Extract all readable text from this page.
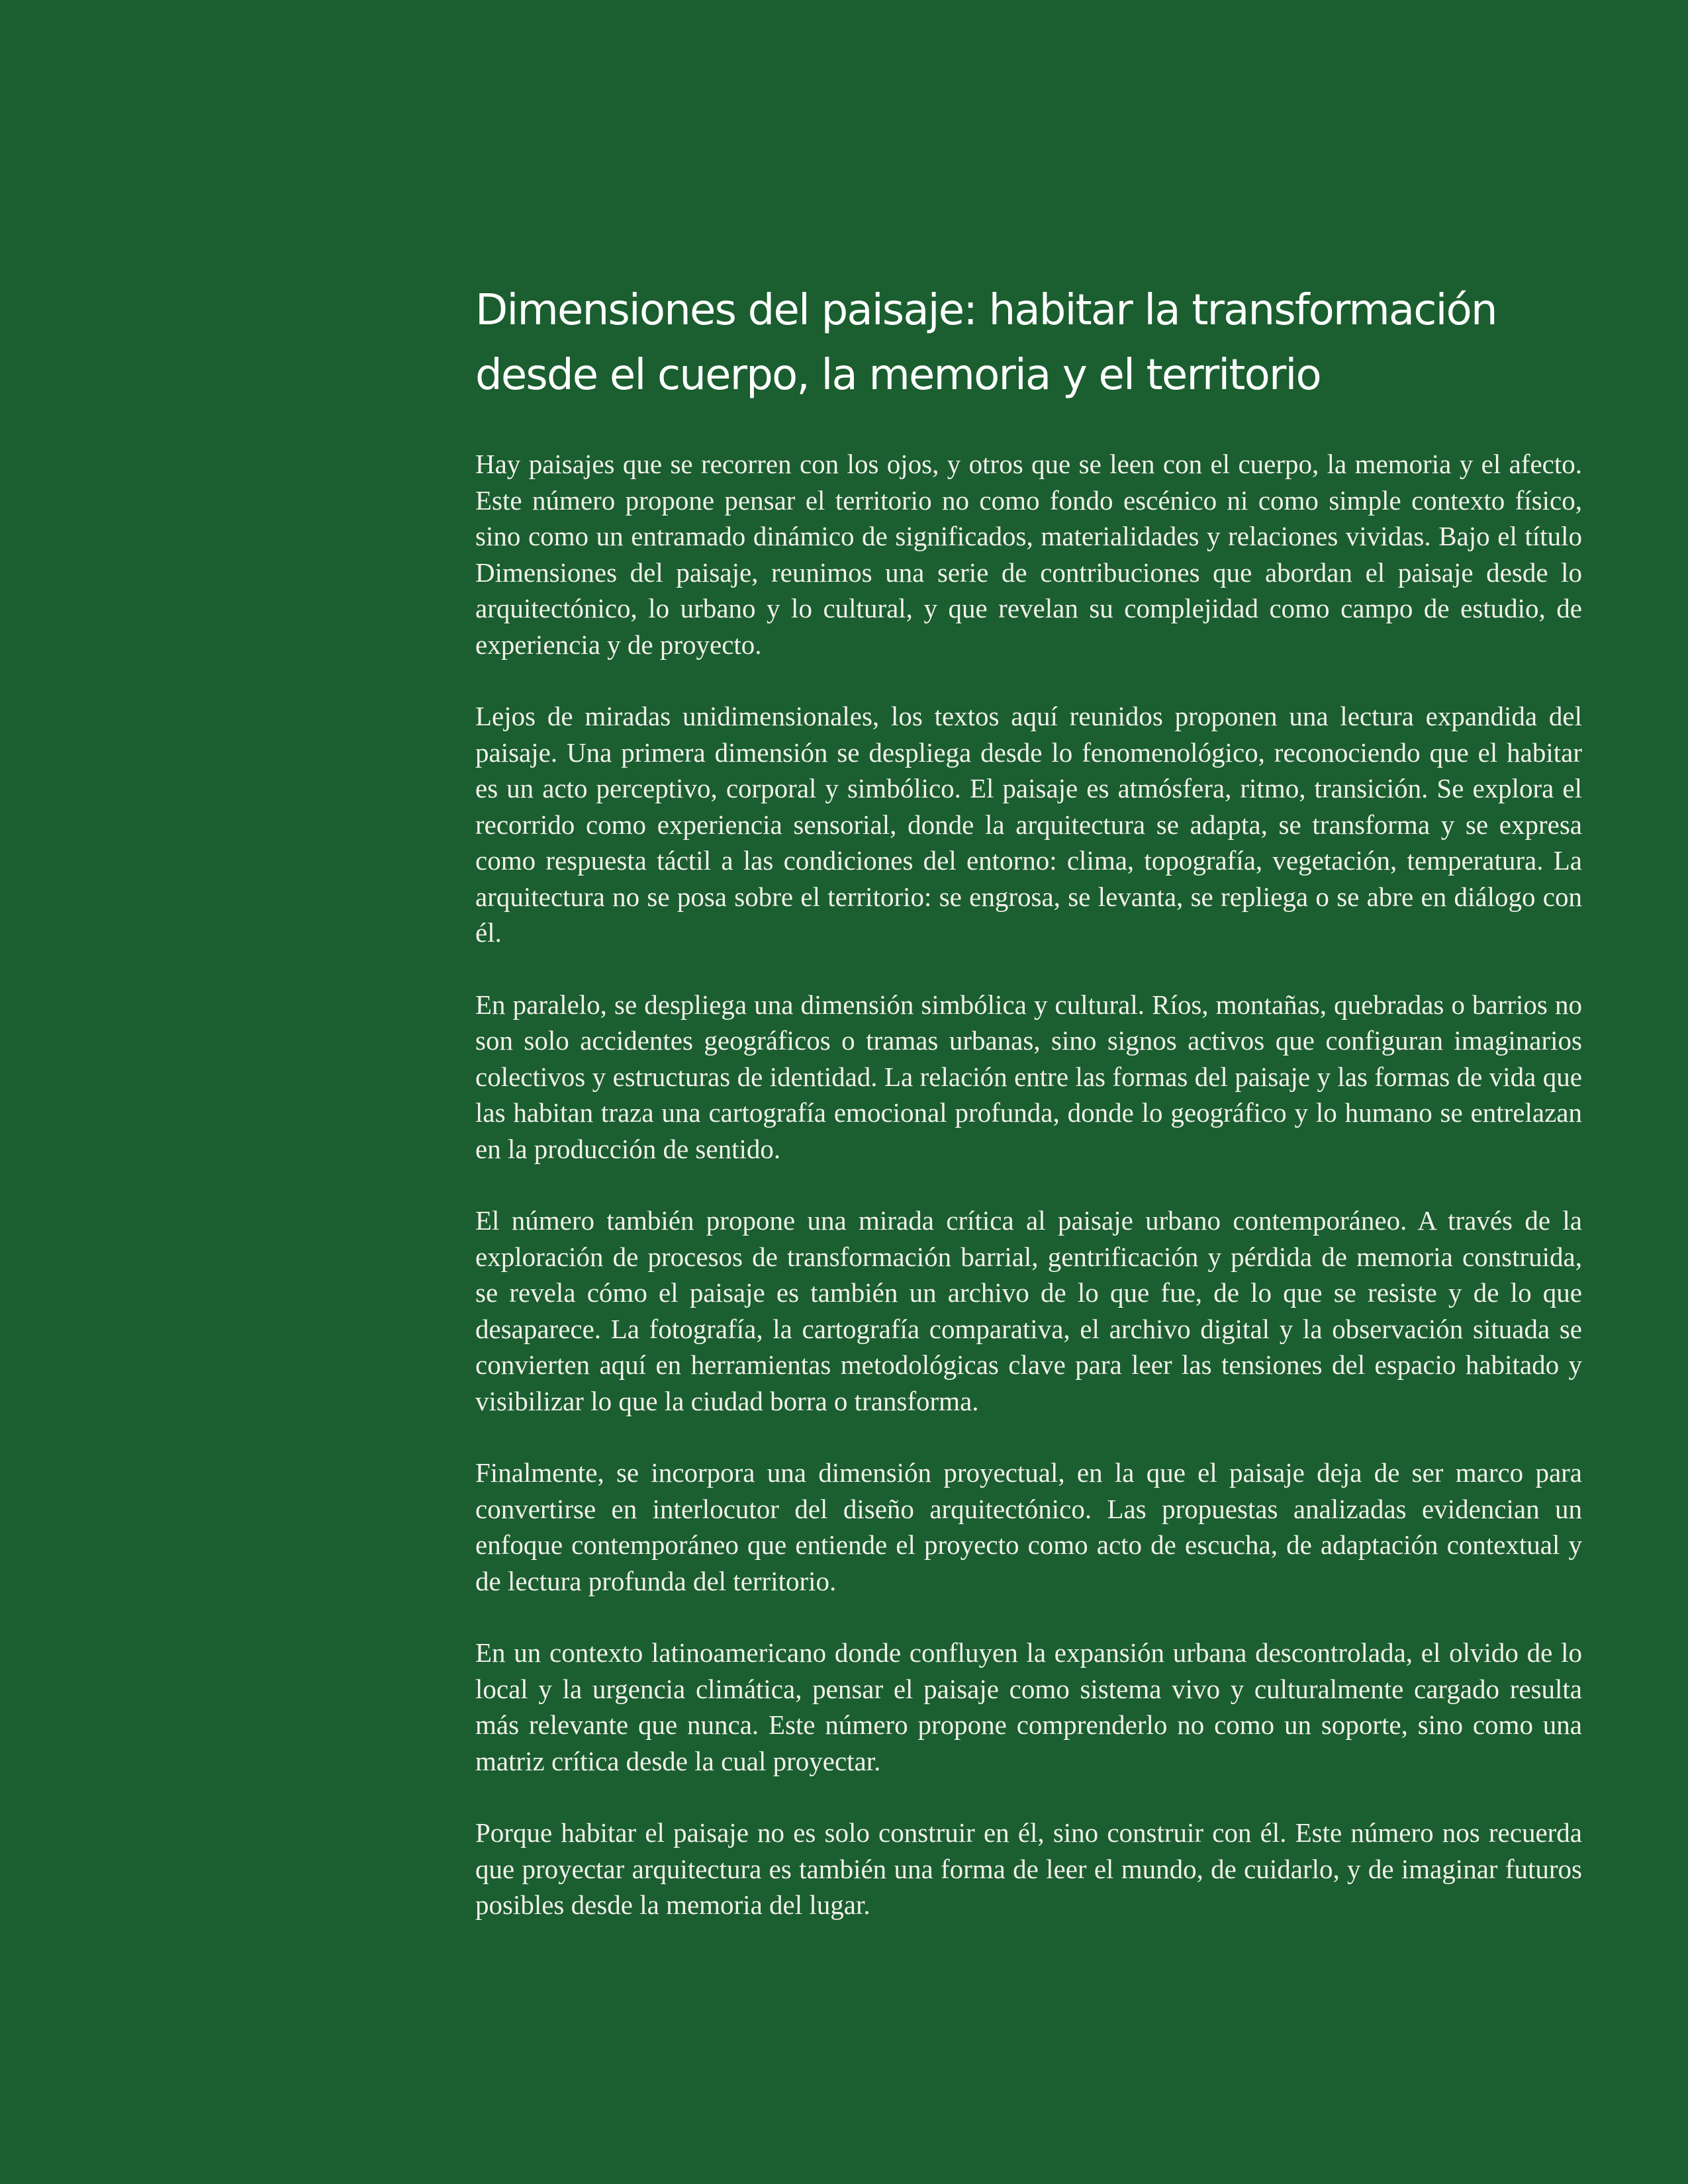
Dimensiones del paisaje: habitar la transformación
desde el cuerpo, la memoria y el territorio

Hay paisajes que se recorren con los ojos, y otros que se leen con el cuerpo, la memoria y el afecto. Este número propone pensar el territorio no como fondo escénico ni como simple contexto físico, sino como un entramado dinámico de significados, materialidades y relaciones vividas. Bajo el título Dimensiones del paisaje, reunimos una serie de contribuciones que abordan el paisaje desde lo arquitectónico, lo urbano y lo cultural, y que revelan su complejidad como campo de estudio, de experiencia y de proyecto.

Lejos de miradas unidimensionales, los textos aquí reunidos proponen una lectura expandida del paisaje. Una primera dimensión se despliega desde lo fenomenológico, reconociendo que el habitar es un acto perceptivo, corporal y simbólico. El paisaje es atmósfera, ritmo, transición. Se explora el recorrido como experiencia sensorial, donde la arquitectura se adapta, se transforma y se expresa como respuesta táctil a las condiciones del entorno: clima, topografía, vegetación, temperatura. La arquitectura no se posa sobre el territorio: se engrosa, se levanta, se repliega o se abre en diálogo con él.

En paralelo, se despliega una dimensión simbólica y cultural. Ríos, montañas, quebradas o barrios no son solo accidentes geográficos o tramas urbanas, sino signos activos que configuran imaginarios colectivos y estructuras de identidad. La relación entre las formas del paisaje y las formas de vida que las habitan traza una cartografía emocional profunda, donde lo geográfico y lo humano se entrelazan en la producción de sentido.

El número también propone una mirada crítica al paisaje urbano contemporáneo. A través de la exploración de procesos de transformación barrial, gentrificación y pérdida de memoria construida, se revela cómo el paisaje es también un archivo de lo que fue, de lo que se resiste y de lo que desaparece. La fotografía, la cartografía comparativa, el archivo digital y la observación situada se convierten aquí en herramientas metodológicas clave para leer las tensiones del espacio habitado y visibilizar lo que la ciudad borra o transforma.

Finalmente, se incorpora una dimensión proyectual, en la que el paisaje deja de ser marco para convertirse en interlocutor del diseño arquitectónico. Las propuestas analizadas evidencian un enfoque contemporáneo que entiende el proyecto como acto de escucha, de adaptación contextual y de lectura profunda del territorio.

En un contexto latinoamericano donde confluyen la expansión urbana descontrolada, el olvido de lo local y la urgencia climática, pensar el paisaje como sistema vivo y culturalmente cargado resulta más relevante que nunca. Este número propone comprenderlo no como un soporte, sino como una matriz crítica desde la cual proyectar.

Porque habitar el paisaje no es solo construir en él, sino construir con él. Este número nos recuerda que proyectar arquitectura es también una forma de leer el mundo, de cuidarlo, y de imaginar futuros posibles desde la memoria del lugar.
